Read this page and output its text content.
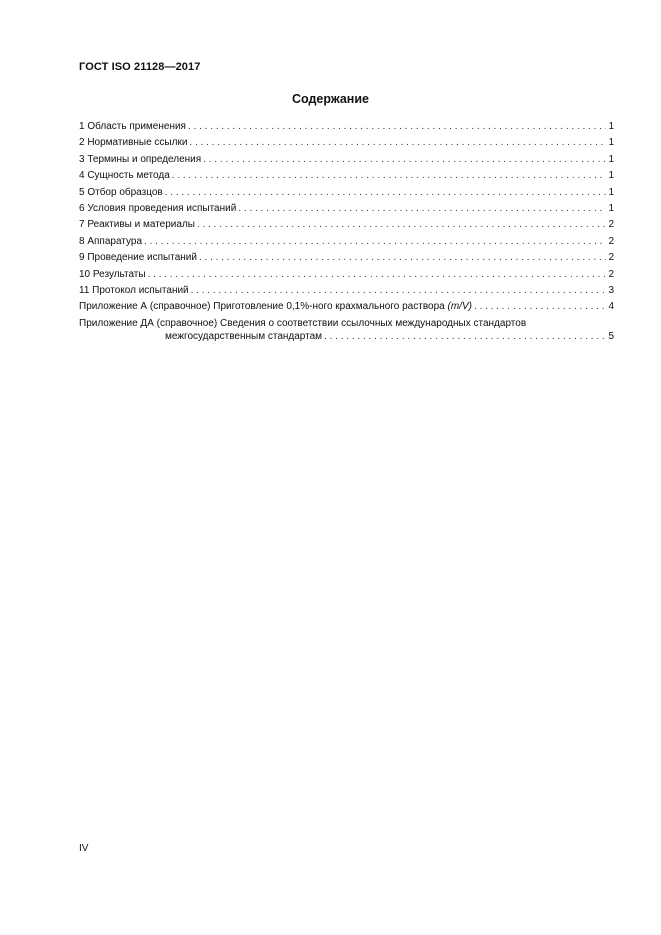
ГОСТ ISO 21128—2017
Содержание
1 Область применения . . .	1
2 Нормативные ссылки . . .	1
3 Термины и определения . . .	1
4 Сущность метода . . .	1
5 Отбор образцов . . .	1
6 Условия проведения испытаний . . .	1
7 Реактивы и материалы . . .	2
8 Аппаратура . . .	2
9 Проведение испытаний . . .	2
10 Результаты . . .	2
11 Протокол испытаний . . .	3
Приложение А (справочное) Приготовление 0,1%-ного крахмального раствора (m/V) . . .	4
Приложение ДА (справочное) Сведения о соответствии ссылочных международных стандартов
межгосударственным стандартам . . .	5
IV
